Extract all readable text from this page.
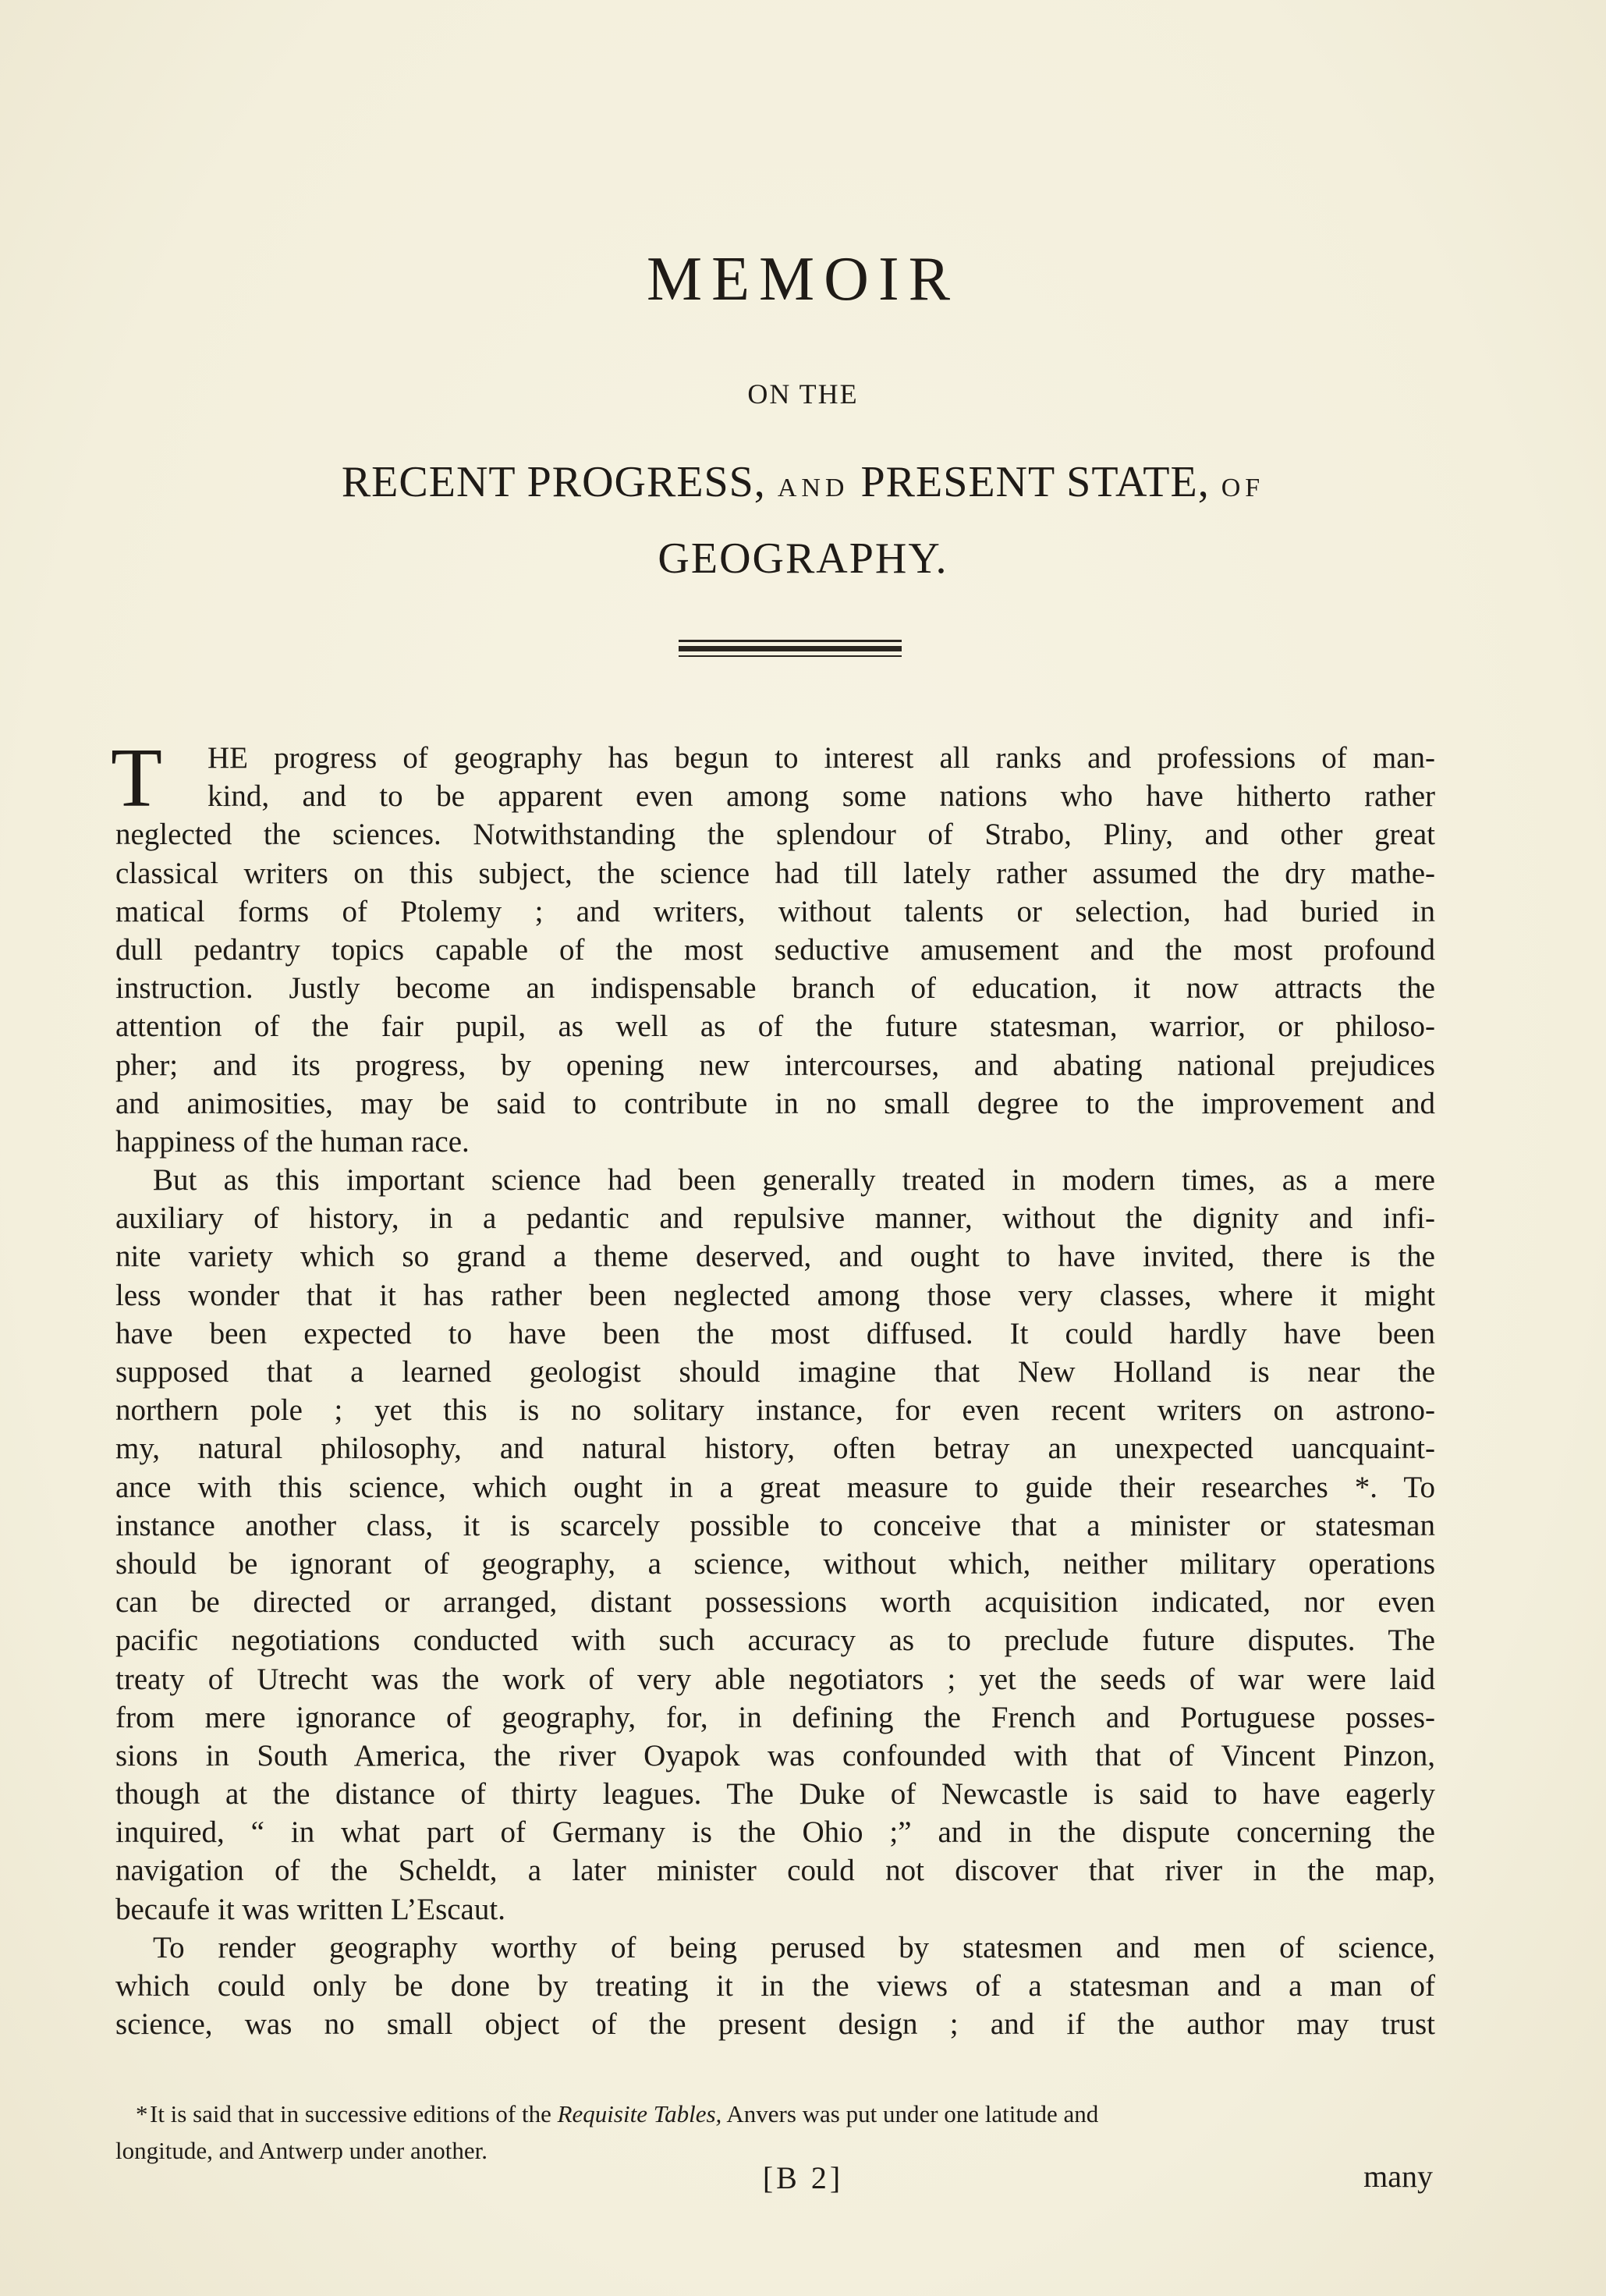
MEMOIR
ON THE
RECENT PROGRESS, AND PRESENT STATE, OF
GEOGRAPHY.
T	HE progress of geography has begun to interest all ranks and professions of man-
kind, and to be apparent even among some nations who have hitherto rather
neglected the sciences. Notwithstanding the splendour of Strabo, Pliny, and other great
classical writers on this subject, the science had till lately rather assumed the dry mathe-
matical forms of Ptolemy ; and writers, without talents or selection, had buried in
dull pedantry topics capable of the most seductive amusement and the most profound
instruction. Justly become an indispensable branch of education, it now attracts the
attention of the fair pupil, as well as of the future statesman, warrior, or philoso-
pher; and its progress, by opening new intercourses, and abating national prejudices
and animosities, may be said to contribute in no small degree to the improvement and
happiness of the human race.
But as this important science had been generally treated in modern times, as a mere
auxiliary of history, in a pedantic and repulsive manner, without the dignity and infi-
nite variety which so grand a theme deserved, and ought to have invited, there is the
less wonder that it has rather been neglected among those very classes, where it might
have been expected to have been the most diffused. It could hardly have been
supposed that a learned geologist should imagine that New Holland is near the
northern pole ; yet this is no solitary instance, for even recent writers on astrono-
my, natural philosophy, and natural history, often betray an unexpected uancquaint-
ance with this science, which ought in a great measure to guide their researches *. To
instance another class, it is scarcely possible to conceive that a minister or statesman
should be ignorant of geography, a science, without which, neither military operations
can be directed or arranged, distant possessions worth acquisition indicated, nor even
pacific negotiations conducted with such accuracy as to preclude future disputes. The
treaty of Utrecht was the work of very able negotiators ; yet the seeds of war were laid
from mere ignorance of geography, for, in defining the French and Portuguese posses-
sions in South America, the river Oyapok was confounded with that of Vincent Pinzon,
though at the distance of thirty leagues. The Duke of Newcastle is said to have eagerly
inquired, “ in what part of Germany is the Ohio ;” and in the dispute concerning the
navigation of the Scheldt, a later minister could not discover that river in the map,
becaufe it was written L’Escaut.
To render geography worthy of being perused by statesmen and men of science,
which could only be done by treating it in the views of a statesman and a man of
science, was no small object of the present design ; and if the author may trust
* It is said that in successive editions of the Requisite Tables, Anvers was put under one latitude and
longitude, and Antwerp under another.
[B 2]	many
